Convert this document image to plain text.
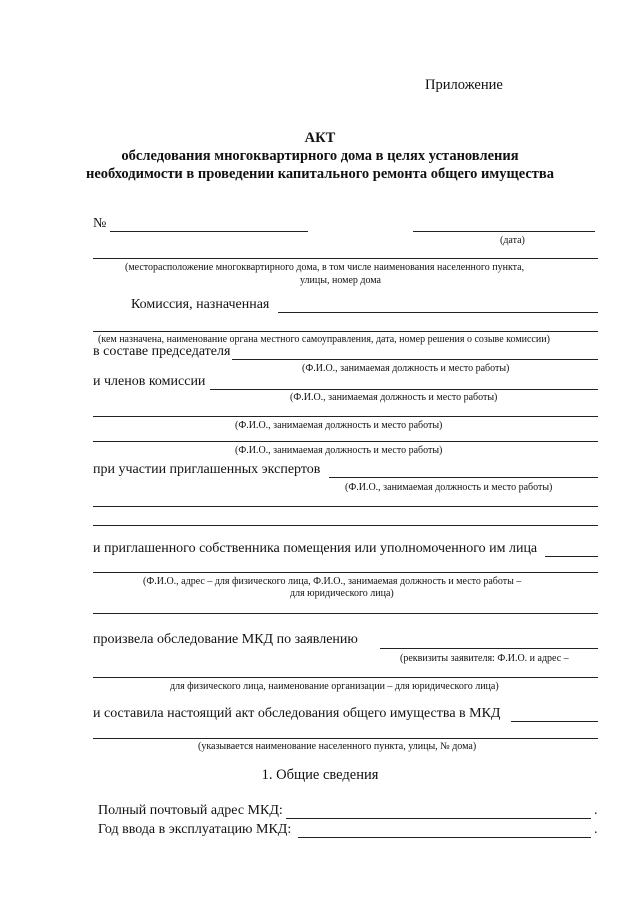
Приложение
АКТ
обследования многоквартирного дома в целях установления
необходимости в проведении капитального ремонта общего имущества
№
(дата)
(месторасположение многоквартирного дома, в том числе наименования населенного пункта,
улицы, номер дома
Комиссия, назначенная
(кем назначена, наименование органа местного самоуправления, дата, номер решения о созыве комиссии)
в составе председателя
(Ф.И.О., занимаемая должность и место работы)
и членов комиссии
(Ф.И.О., занимаемая должность и место работы)
(Ф.И.О., занимаемая должность и место работы)
(Ф.И.О., занимаемая должность и место работы)
при участии приглашенных экспертов
(Ф.И.О., занимаемая должность и место работы)
и приглашенного собственника помещения или уполномоченного им лица
(Ф.И.О., адрес – для физического лица, Ф.И.О., занимаемая должность и место работы –
для юридического лица)
произвела обследование МКД по заявлению
(реквизиты заявителя: Ф.И.О. и адрес –
для физического лица, наименование организации – для юридического лица)
и составила настоящий акт обследования общего имущества в МКД
(указывается наименование населенного пункта, улицы, № дома)
1. Общие сведения
Полный почтовый адрес МКД:	.
Год ввода в эксплуатацию МКД:	.
